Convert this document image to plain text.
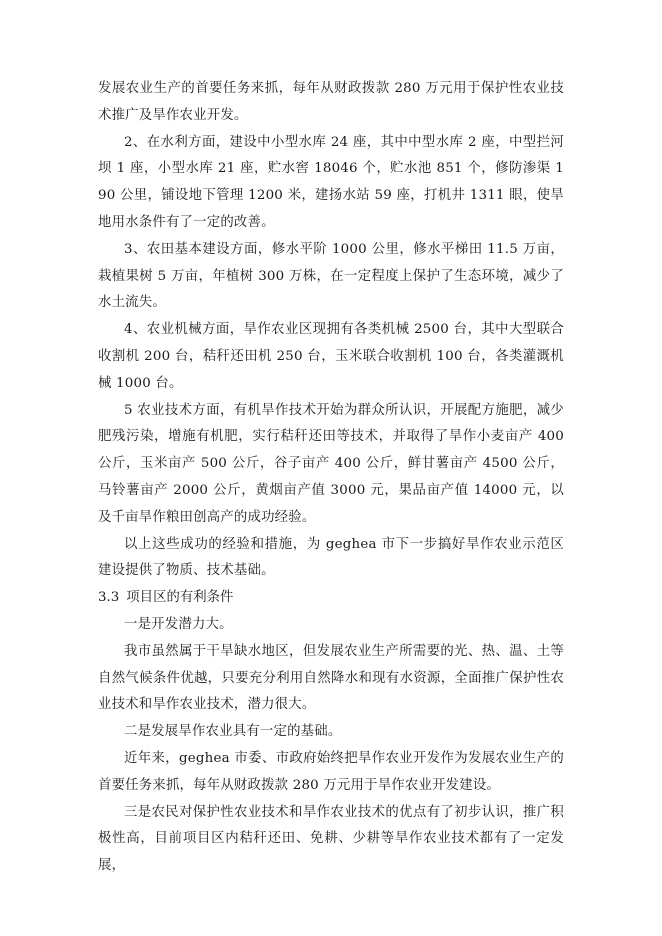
发展农业生产的首要任务来抓，每年从财政拨款 280 万元用于保护性农业技术推广及旱作农业开发。

2、在水利方面，建设中小型水库 24 座，其中中型水库 2 座，中型拦河坝 1 座，小型水库 21 座，贮水窖 18046 个，贮水池 851 个，修防渗渠 190 公里，铺设地下管理 1200 米，建扬水站 59 座，打机井 1311 眼，使旱地用水条件有了一定的改善。

3、农田基本建设方面，修水平阶 1000 公里，修水平梯田 11.5 万亩，栽植果树 5 万亩，年植树 300 万株，在一定程度上保护了生态环境，减少了水土流失。

4、农业机械方面，旱作农业区现拥有各类机械 2500 台，其中大型联合收割机 200 台，秸秆还田机 250 台，玉米联合收割机 100 台，各类灌溉机械 1000 台。

5 农业技术方面，有机旱作技术开始为群众所认识，开展配方施肥，减少肥残污染，增施有机肥，实行秸秆还田等技术，并取得了旱作小麦亩产 400 公斤，玉米亩产 500 公斤，谷子亩产 400 公斤，鲜甘薯亩产 4500 公斤，马铃薯亩产 2000 公斤，黄烟亩产值 3000 元，果品亩产值 14000 元，以及千亩旱作粮田创高产的成功经验。

以上这些成功的经验和措施，为 geghea 市下一步搞好旱作农业示范区建设提供了物质、技术基础。

3.3 项目区的有利条件

一是开发潜力大。

我市虽然属于干旱缺水地区，但发展农业生产所需要的光、热、温、土等自然气候条件优越，只要充分利用自然降水和现有水资源，全面推广保护性农业技术和旱作农业技术，潜力很大。

二是发展旱作农业具有一定的基础。

近年来，geghea 市委、市政府始终把旱作农业开发作为发展农业生产的首要任务来抓，每年从财政拨款 280 万元用于旱作农业开发建设。

三是农民对保护性农业技术和旱作农业技术的优点有了初步认识，推广积极性高，目前项目区内秸秆还田、免耕、少耕等旱作农业技术都有了一定发展，
